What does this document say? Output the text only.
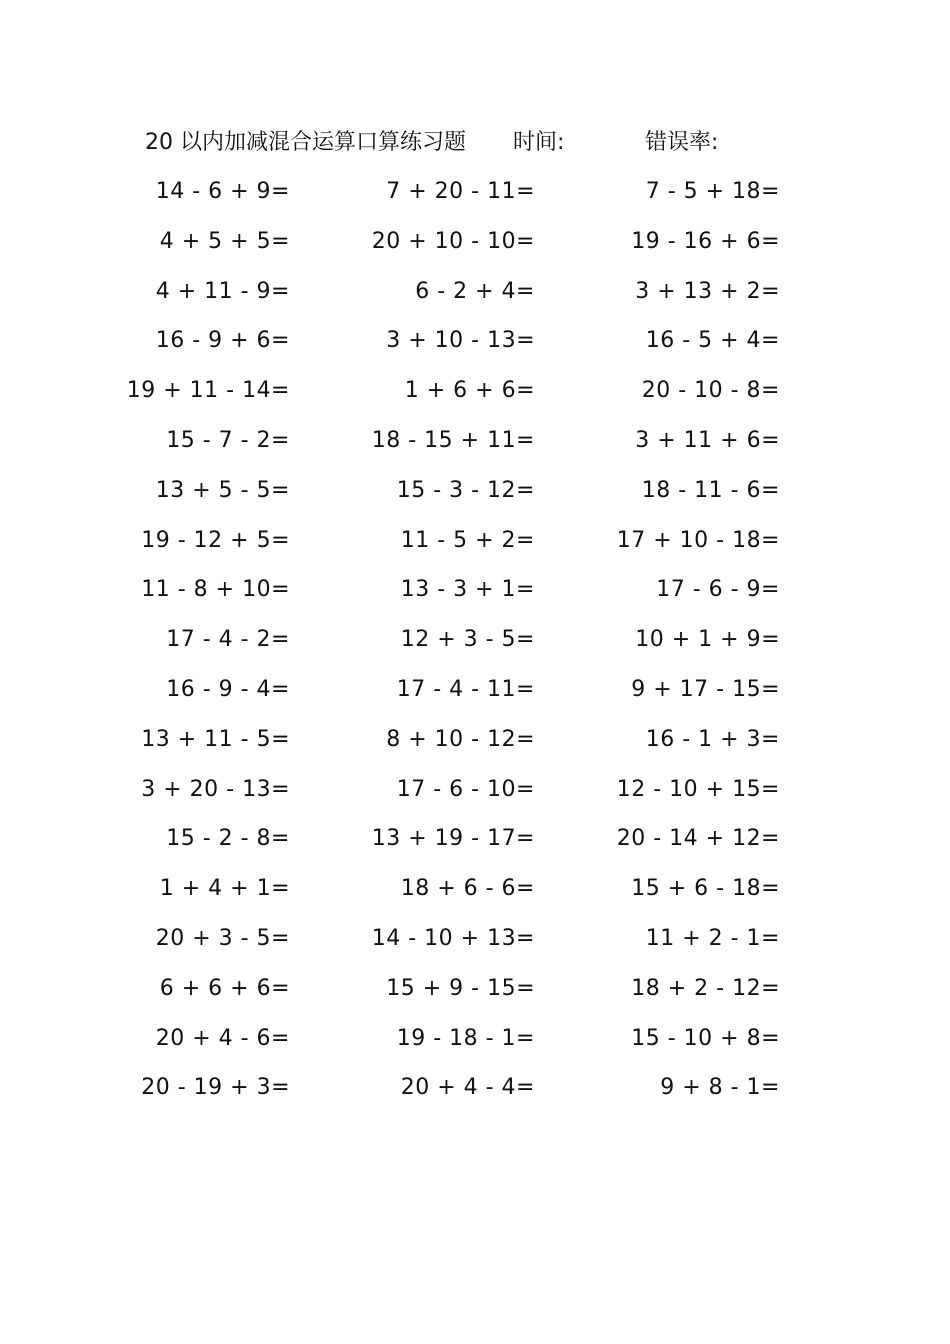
20 以内加减混合运算口算练习题 时间:	错误率:
14 - 6 + 9=	7 + 20 - 11=	7 - 5 + 18=
4 + 5 + 5=	20 + 10 - 10=	19 - 16 + 6=
4 + 11 - 9=	6 - 2 + 4=	3 + 13 + 2=
16 - 9 + 6=	3 + 10 - 13=	16 - 5 + 4=
19 + 11 - 14=	1 + 6 + 6=	20 - 10 - 8=
15 - 7 - 2=	18 - 15 + 11=	3 + 11 + 6=
13 + 5 - 5=	15 - 3 - 12=	18 - 11 - 6=
19 - 12 + 5=	11 - 5 + 2=	17 + 10 - 18=
11 - 8 + 10=	13 - 3 + 1=	17 - 6 - 9=
17 - 4 - 2=	12 + 3 - 5=	10 + 1 + 9=
16 - 9 - 4=	17 - 4 - 11=	9 + 17 - 15=
13 + 11 - 5=	8 + 10 - 12=	16 - 1 + 3=
3 + 20 - 13=	17 - 6 - 10=	12 - 10 + 15=
15 - 2 - 8=	13 + 19 - 17=	20 - 14 + 12=
1 + 4 + 1=	18 + 6 - 6=	15 + 6 - 18=
20 + 3 - 5=	14 - 10 + 13=	11 + 2 - 1=
6 + 6 + 6=	15 + 9 - 15=	18 + 2 - 12=
20 + 4 - 6=	19 - 18 - 1=	15 - 10 + 8=
20 - 19 + 3=	20 + 4 - 4=	9 + 8 - 1=
